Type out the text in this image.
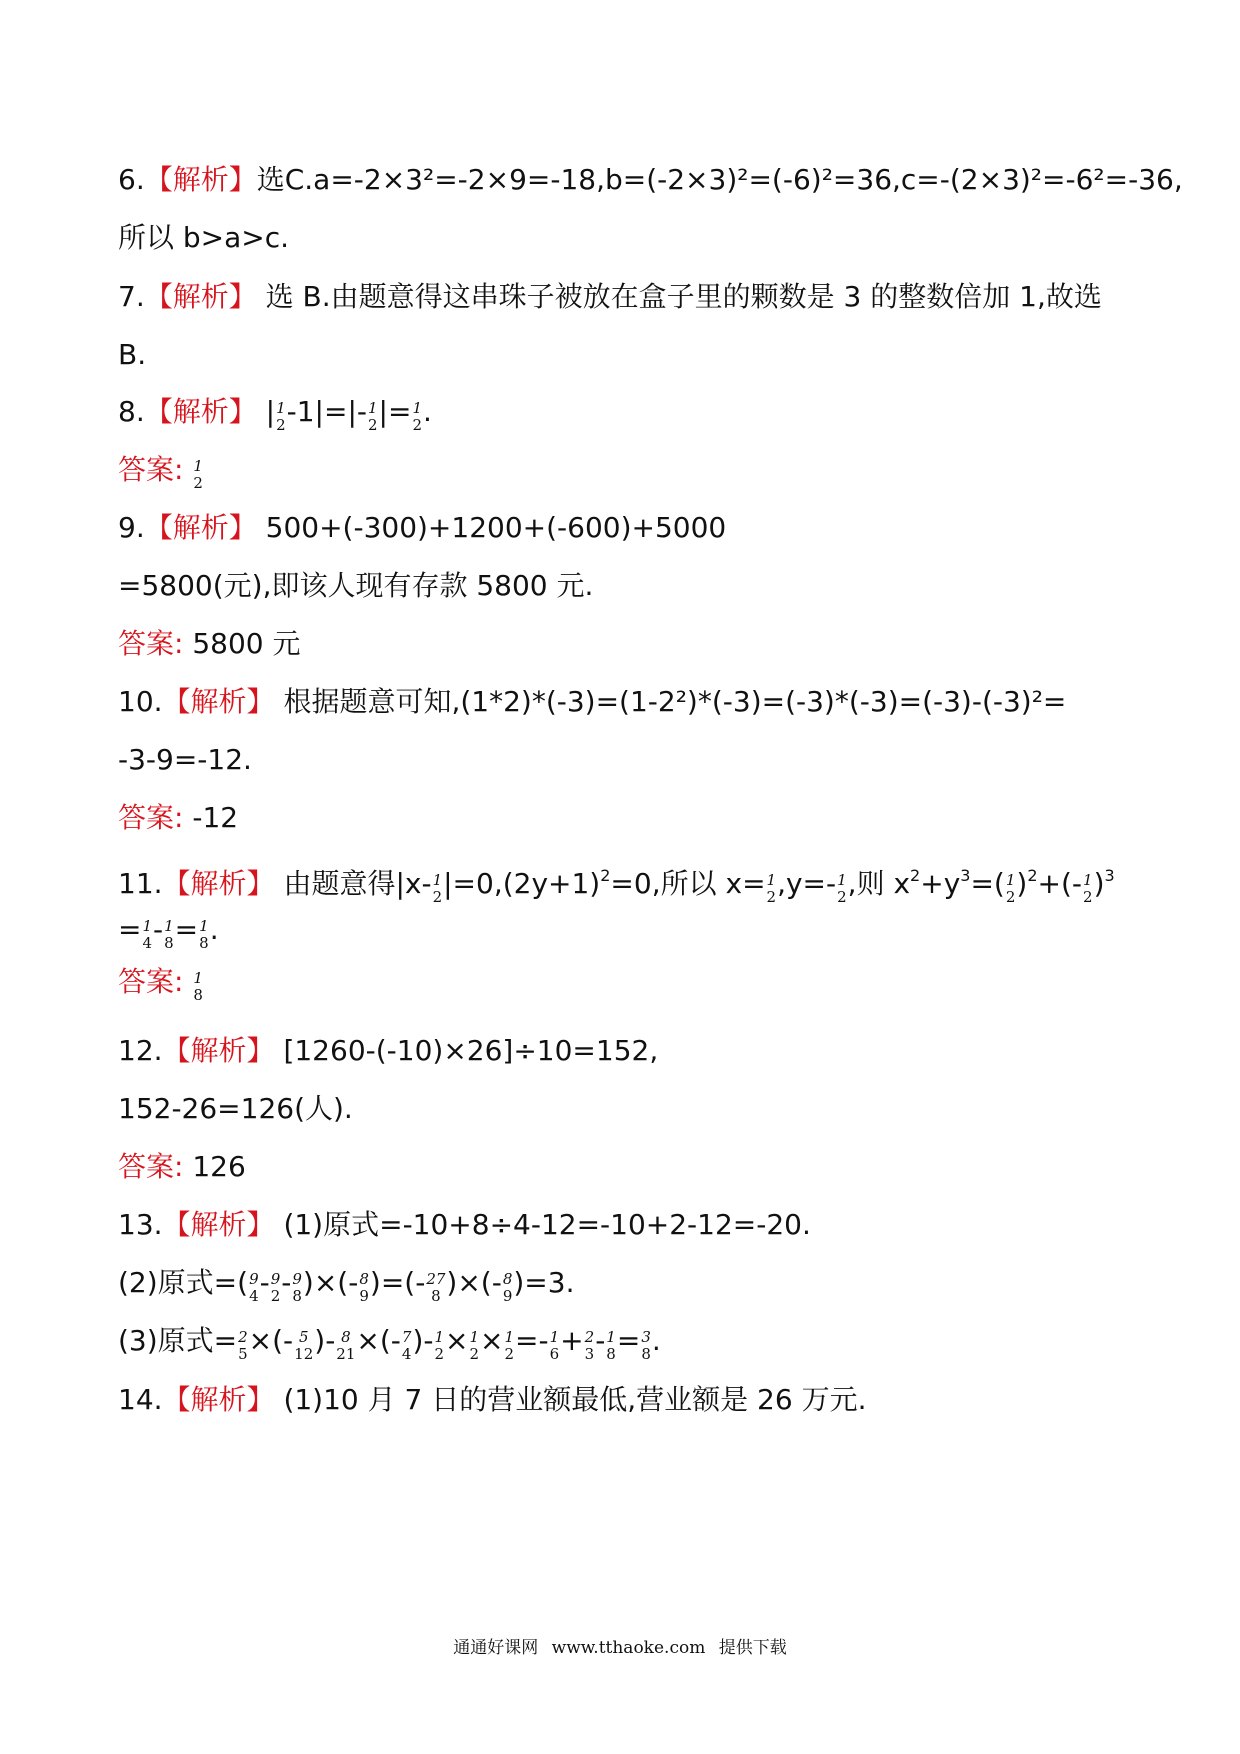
6.【解析】选C.a=-2×3²=-2×9=-18,b=(-2×3)²=(-6)²=36,c=-(2×3)²=-6²=-36,
所以 b>a>c.
7.【解析】 选 B.由题意得这串珠子被放在盒子里的颗数是 3 的整数倍加 1,故选
B.
8.【解析】 | 1
2 -1|=|- 1
2 |= 1
2 .
答案: 1
2
9.【解析】 500+(-300)+1200+(-600)+5000
=5800(元),即该人现有存款 5800 元.
答案: 5800 元
10.【解析】 根据题意可知,(1*2)*(-3)=(1-2²)*(-3)=(-3)*(-3)=(-3)-(-3)²=
-3-9=-12.
答案: -12
11.【解析】 由题意得|x- 1
2 $|=0,(2y+1)^2=0$,所以 x= 1
2 ,y=- 1
2 ,则 $x^2+y^3=$( 1
2 )$^2$+(- 1
2 )$^3$
= 1
4 - 1
8 = 1
8 .
答案: 1
8
12.【解析】 [1260-(-10)×26]÷10=152,
152-26=126(人).
答案: 126
13.【解析】 (1)原式=-10+8÷4-12=-10+2-12=-20.
(2)原式=( 9
4 - 9
2 - 9
8 )×(- 8
9 )=(- 27
8 )×(- 8
9 )=3.
(3)原式= 2
5 ×(- 5
12 )- 8
21 ×(- 7
4 )- 1
2 × 1
2 × 1
2 =- 1
6 + 2
3 - 1
8 = 3
8 .
14.【解析】 (1)10 月 7 日的营业额最低,营业额是 26 万元.
通通好课网 www.tthaoke.com 提供下载
